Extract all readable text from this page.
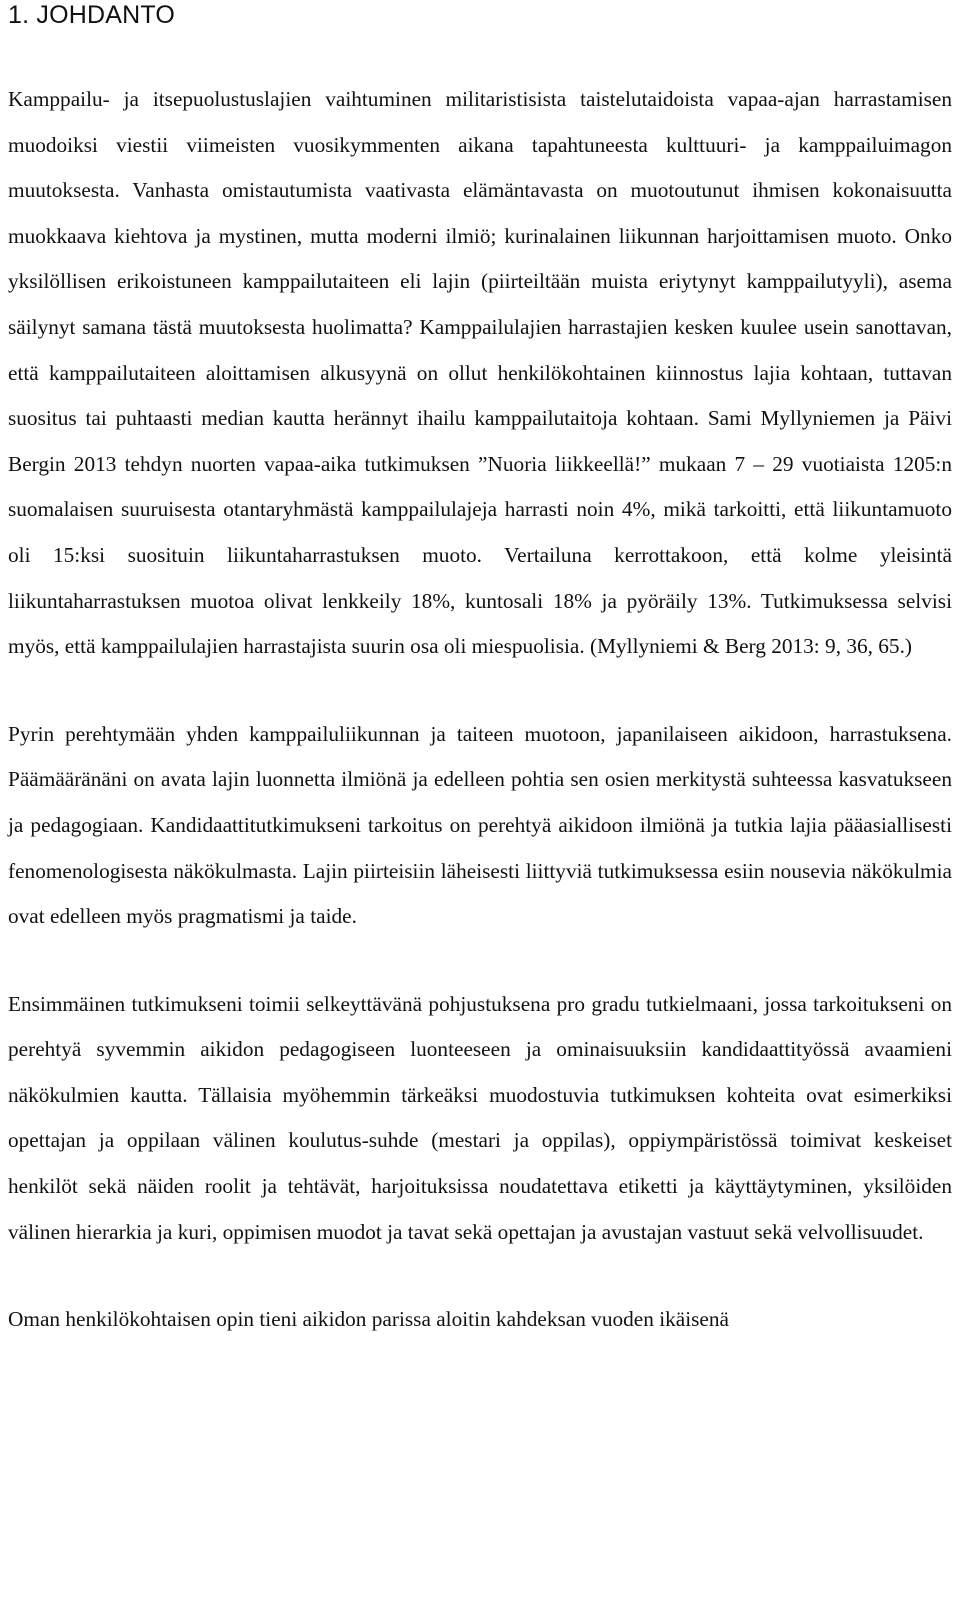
1. JOHDANTO

Kamppailu- ja itsepuolustuslajien vaihtuminen militaristisista taistelutaidoista vapaa-ajan harrastamisen muodoiksi viestii viimeisten vuosikymmenten aikana tapahtuneesta kulttuuri- ja kamppailuimagon muutoksesta. Vanhasta omistautumista vaativasta elämäntavasta on muotoutunut ihmisen kokonaisuutta muokkaava kiehtova ja mystinen, mutta moderni ilmiö; kurinalainen liikunnan harjoittamisen muoto. Onko yksilöllisen erikoistuneen kamppailutaiteen eli lajin (piirteiltään muista eriytynyt kamppailutyyli), asema säilynyt samana tästä muutoksesta huolimatta? Kamppailulajien harrastajien kesken kuulee usein sanottavan, että kamppailutaiteen aloittamisen alkusyynä on ollut henkilökohtainen kiinnostus lajia kohtaan, tuttavan suositus tai puhtaasti median kautta herännyt ihailu kamppailutaitoja kohtaan. Sami Myllyniemen ja Päivi Bergin 2013 tehdyn nuorten vapaa-aika tutkimuksen ”Nuoria liikkeellä!” mukaan 7 – 29 vuotiaista 1205:n suomalaisen suuruisesta otantaryhmästä kamppailulajeja harrasti noin 4%, mikä tarkoitti, että liikuntamuoto oli 15:ksi suosituin liikuntaharrastuksen muoto. Vertailuna kerrottakoon, että kolme yleisintä liikuntaharrastuksen muotoa olivat lenkkeily 18%, kuntosali 18% ja pyöräily 13%. Tutkimuksessa selvisi myös, että kamppailulajien harrastajista suurin osa oli miespuolisia. (Myllyniemi & Berg 2013: 9, 36, 65.)

Pyrin perehtymään yhden kamppailuliikunnan ja taiteen muotoon, japanilaiseen aikidoon, harrastuksena. Päämääränäni on avata lajin luonnetta ilmiönä ja edelleen pohtia sen osien merkitystä suhteessa kasvatukseen ja pedagogiaan. Kandidaattitutkimukseni tarkoitus on perehtyä aikidoon ilmiönä ja tutkia lajia pääasiallisesti fenomenologisesta näkökulmasta. Lajin piirteisiin läheisesti liittyviä tutkimuksessa esiin nousevia näkökulmia ovat edelleen myös pragmatismi ja taide.

Ensimmäinen tutkimukseni toimii selkeyttävänä pohjustuksena pro gradu tutkielmaani, jossa tarkoitukseni on perehtyä syvemmin aikidon pedagogiseen luonteeseen ja ominaisuuksiin kandidaattityössä avaamieni näkökulmien kautta. Tällaisia myöhemmin tärkeäksi muodostuvia tutkimuksen kohteita ovat esimerkiksi opettajan ja oppilaan välinen koulutus-suhde (mestari ja oppilas), oppiympäristössä toimivat keskeiset henkilöt sekä näiden roolit ja tehtävät, harjoituksissa noudatettava etiketti ja käyttäytyminen, yksilöiden välinen hierarkia ja kuri, oppimisen muodot ja tavat sekä opettajan ja avustajan vastuut sekä velvollisuudet.

Oman henkilökohtaisen opin tieni aikidon parissa aloitin kahdeksan vuoden ikäisenä
